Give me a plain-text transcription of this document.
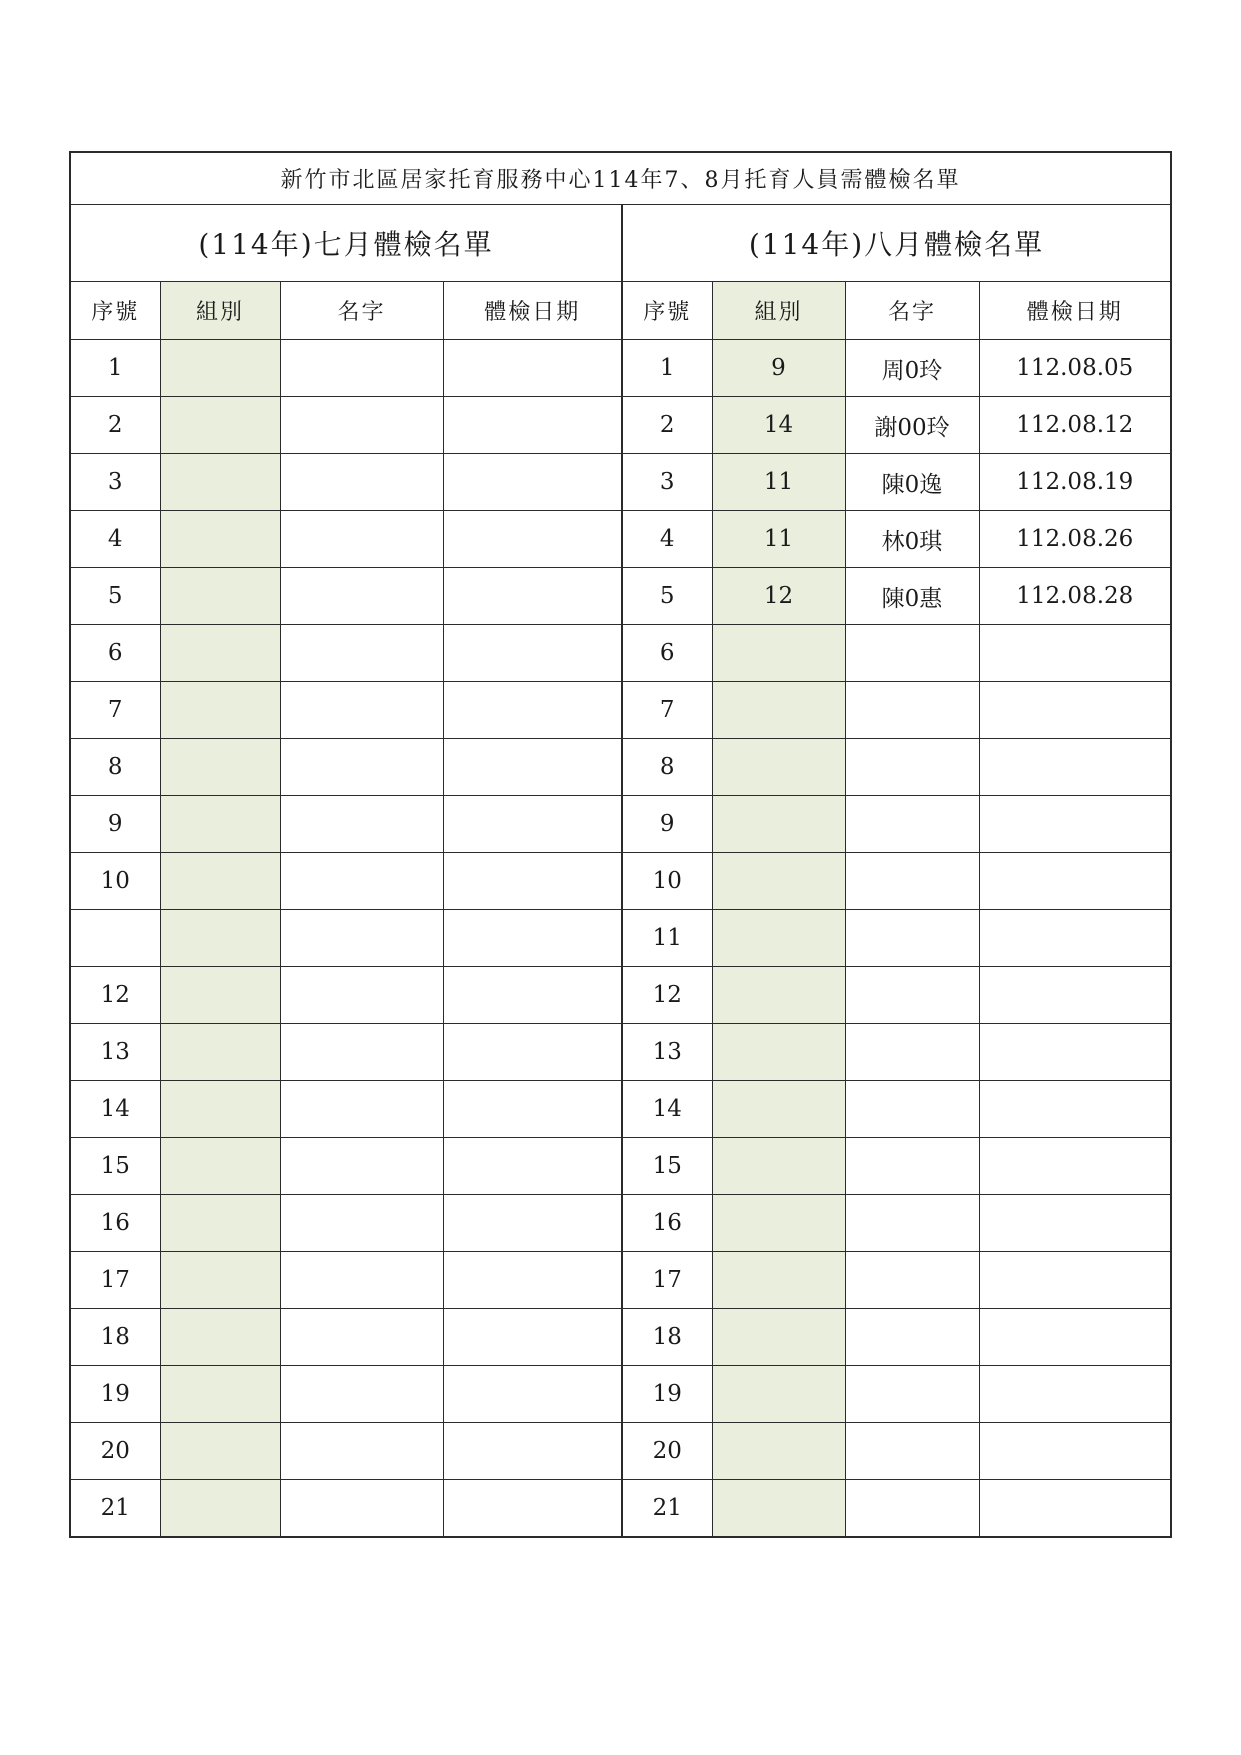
新竹市北區居家托育服務中心114年7、8月托育人員需體檢名單							
(114年)七月體檢名單				(114年)八月體檢名單			
序號	組別	名字	體檢日期	序號	組別	名字	體檢日期
1				1	9	周0玲	112.08.05
2				2	14	謝00玲	112.08.12
3				3	11	陳0逸	112.08.19
4				4	11	林0琪	112.08.26
5				5	12	陳0惠	112.08.28
6				6			
7				7			
8				8			
9				9			
10				10			
				11			
12				12			
13				13			
14				14			
15				15			
16				16			
17				17			
18				18			
19				19			
20				20			
21				21			
